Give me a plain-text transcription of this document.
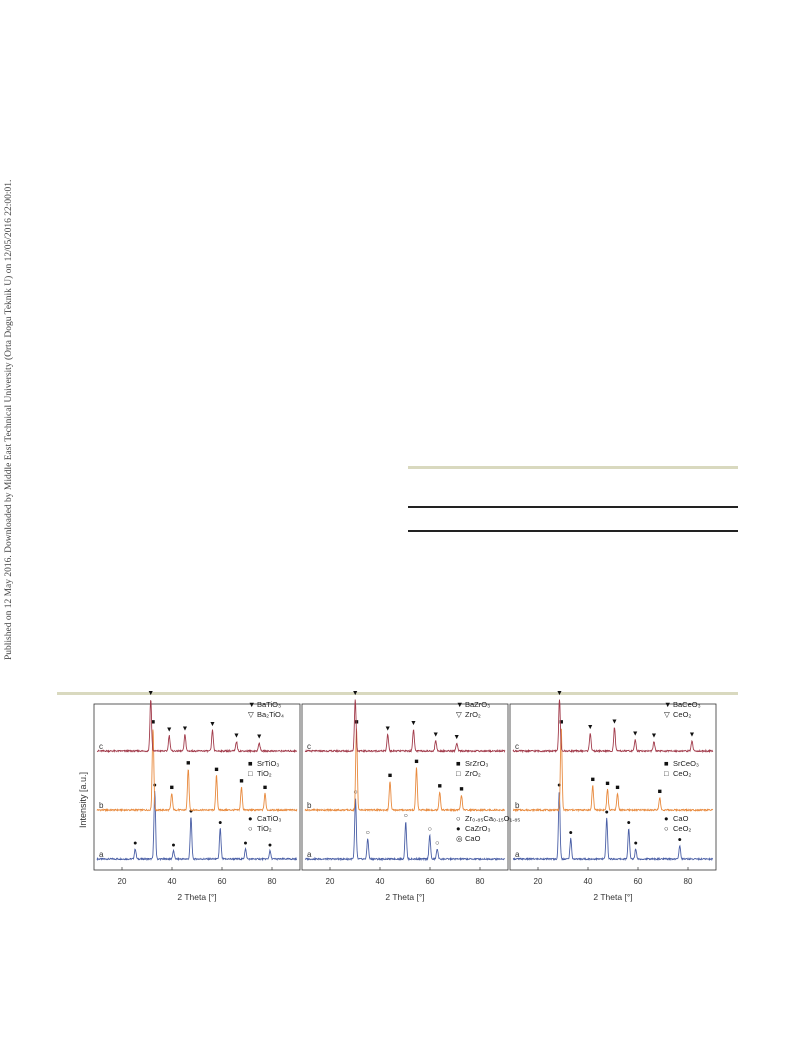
Published on 12 May 2016. Downloaded by Middle East Technical University (Orta Dogu Teknik U) on 12/05/2016 22:00:01.
Intensity [a.u.]
20	40	60	80
2 Theta [°]
a
●
●
●
●
●
●	●
● CaTiO₃
○ TiO₂
b
■
■
■
■
■
■
■ SrTiO₃
□ TiO₂
c
▼
▼ ▼
▼
▼ ▼
▼ BaTiO₃
▽ Ba₂TiO₄
20	40	60	80
2 Theta [°]
a
○
○
○
○
○
○ Zr₀.₈₅Ca₀.₁₅O₁.₈₅
● CaZrO₃
◎ CaO
b
■
■
■
■	■
■ SrZrO₃
□ ZrO₂
c
▼
▼
▼
▼ ▼
▼ BaZrO₃
▽ ZrO₂
20	40	60	80
2 Theta [°]
a
●
●
●
●
●	●
● CaO
○ CeO₂
b
■
■
■
■
■
■ SrCeO₃
□ CeO₂
c
▼
▼
▼
▼ ▼	▼
▼ BaCeO₃
▽ CeO₂
